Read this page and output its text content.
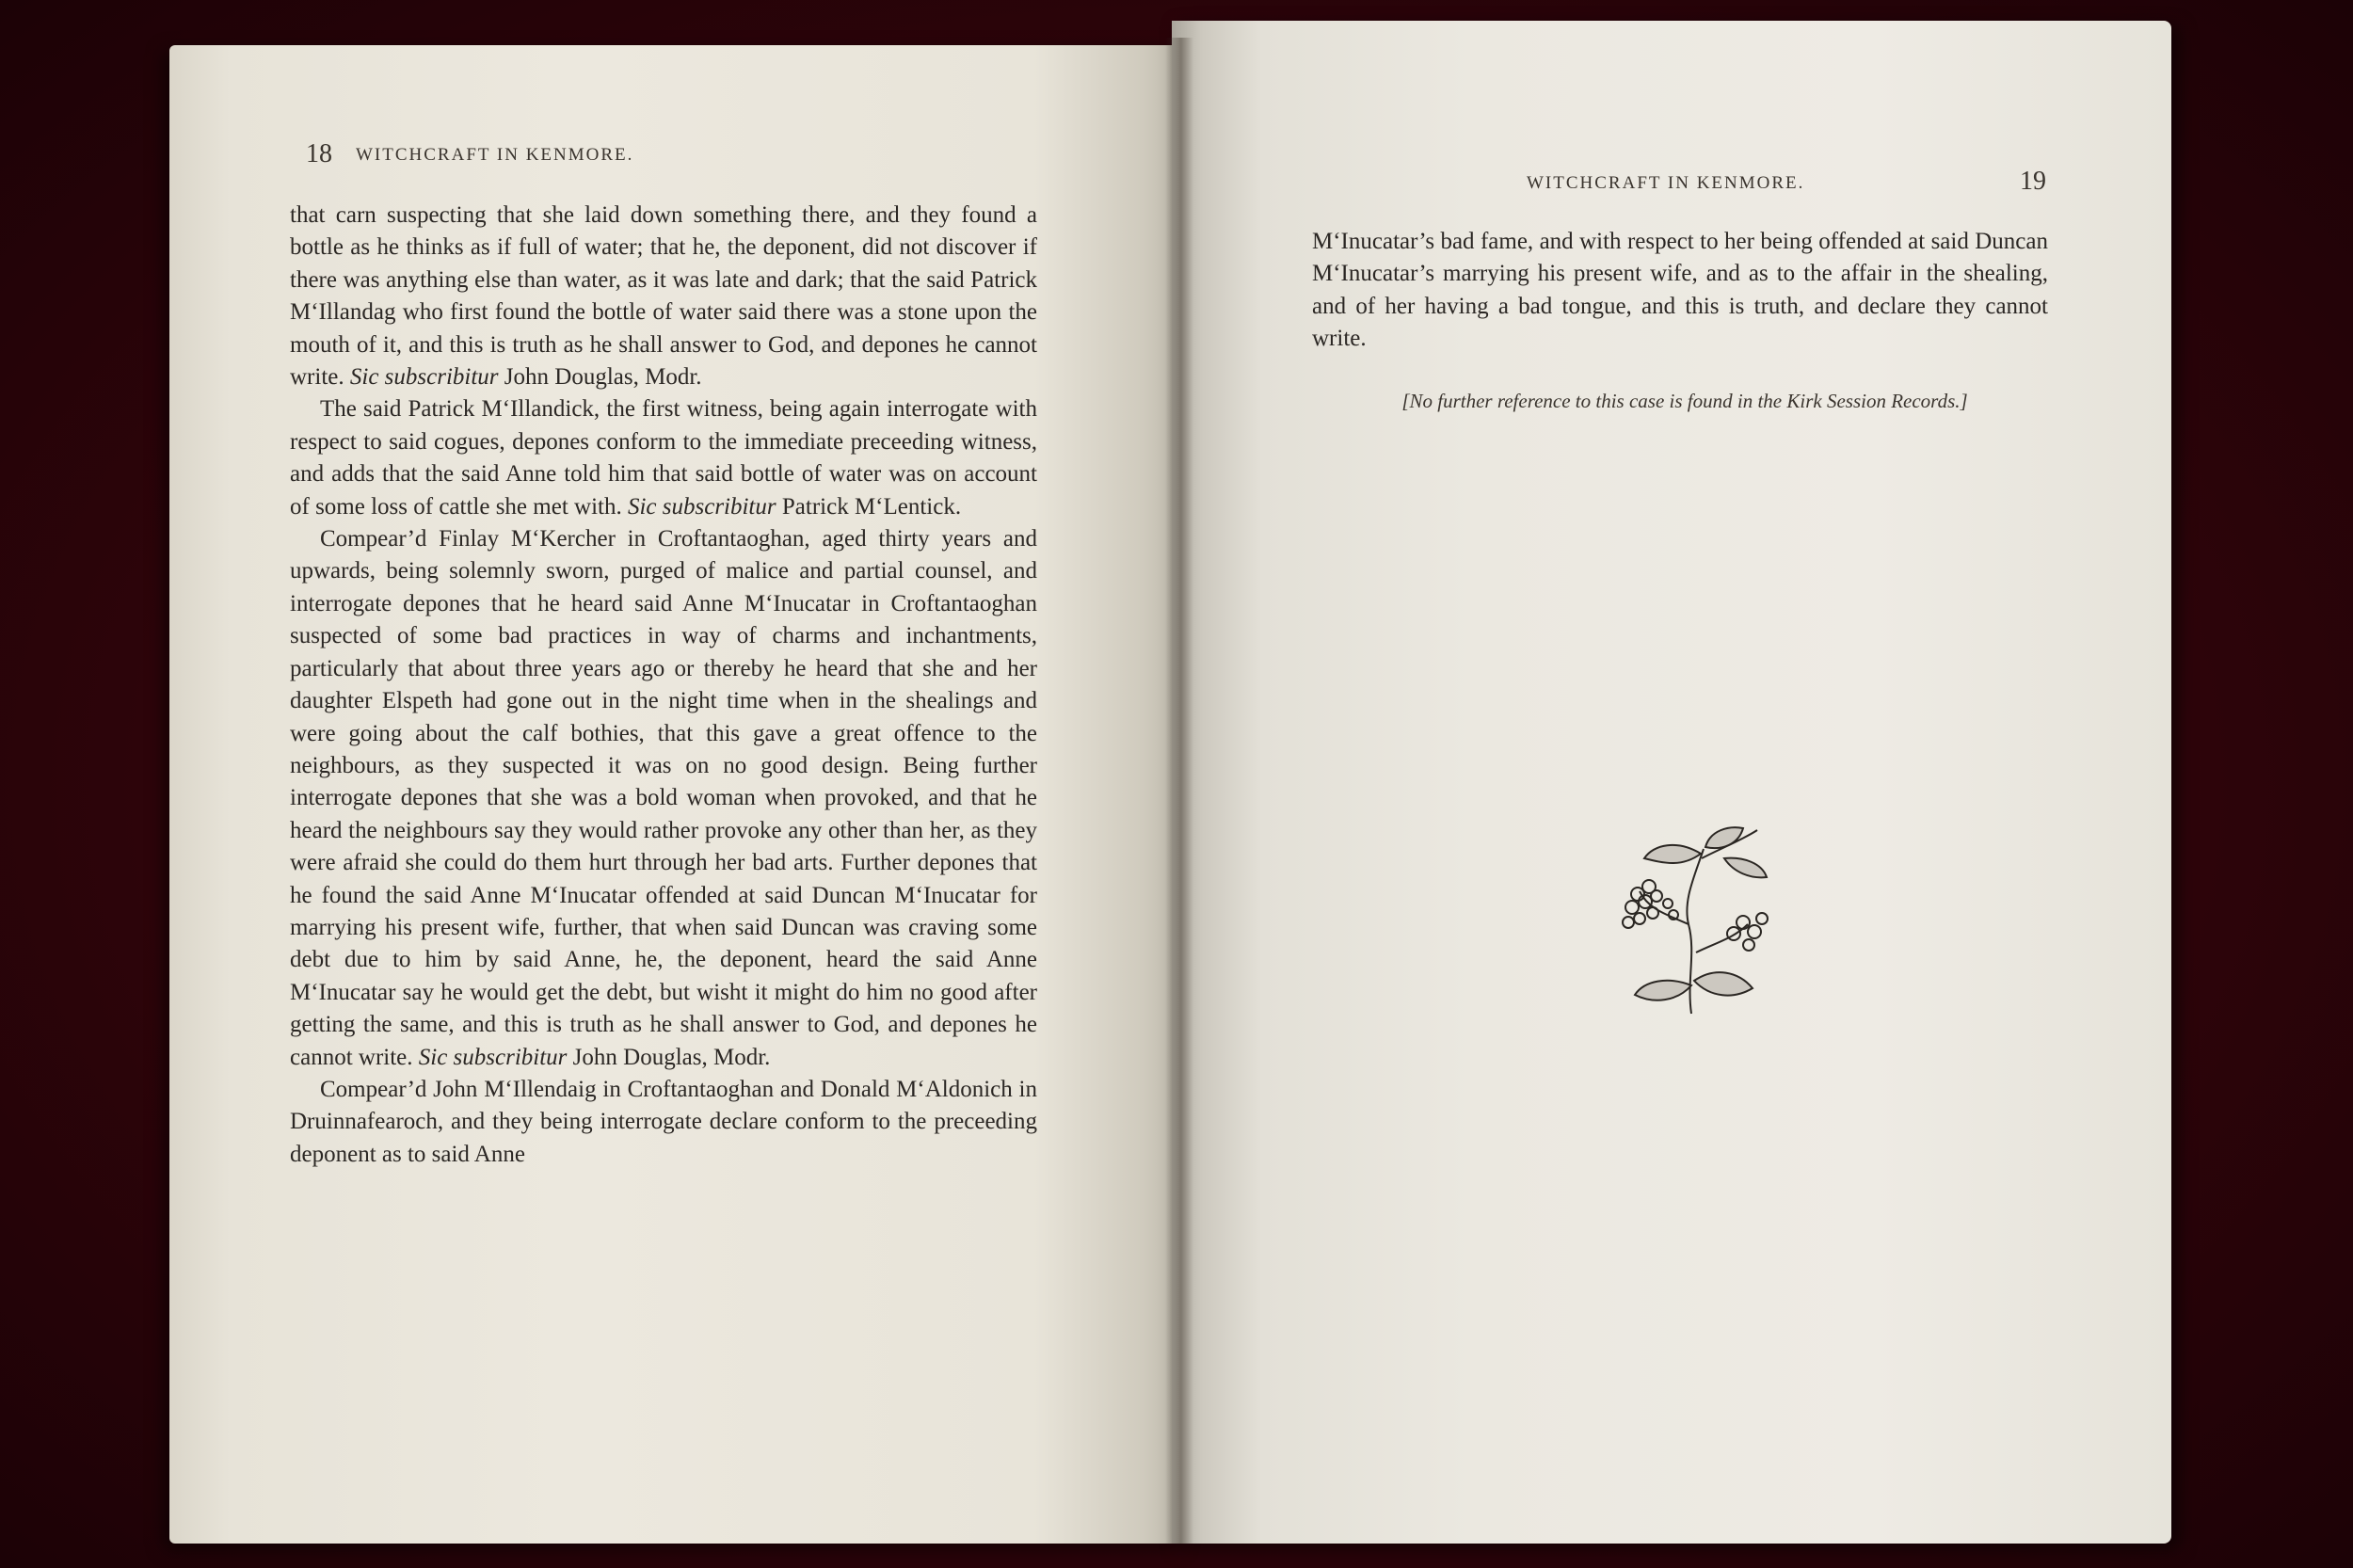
18 WITCHCRAFT IN KENMORE.
WITCHCRAFT IN KENMORE.	19

that carn suspecting that she laid down something there, and they found a bottle as he thinks as if full of water; that he, the deponent, did not discover if there was anything else than water, as it was late and dark; that the said Patrick M‘Illandag who first found the bottle of water said there was a stone upon the mouth of it, and this is truth as he shall answer to God, and depones he cannot write. Sic subscribitur John Douglas, Modr.

The said Patrick M‘Illandick, the first witness, being again interrogate with respect to said cogues, depones conform to the immediate preceeding witness, and adds that the said Anne told him that said bottle of water was on account of some loss of cattle she met with. Sic subscribitur Patrick M‘Lentick.

Compear’d Finlay M‘Kercher in Croftantaoghan, aged thirty years and upwards, being solemnly sworn, purged of malice and partial counsel, and interrogate depones that he heard said Anne M‘Inucatar in Croftantaoghan suspected of some bad practices in way of charms and inchantments, particularly that about three years ago or thereby he heard that she and her daughter Elspeth had gone out in the night time when in the shealings and were going about the calf bothies, that this gave a great offence to the neighbours, as they suspected it was on no good design. Being further interrogate depones that she was a bold woman when provoked, and that he heard the neighbours say they would rather provoke any other than her, as they were afraid she could do them hurt through her bad arts. Further depones that he found the said Anne M‘Inucatar offended at said Duncan M‘Inucatar for marrying his present wife, further, that when said Duncan was craving some debt due to him by said Anne, he, the deponent, heard the said Anne M‘Inucatar say he would get the debt, but wisht it might do him no good after getting the same, and this is truth as he shall answer to God, and depones he cannot write. Sic subscribitur John Douglas, Modr.

Compear’d John M‘Illendaig in Croftantaoghan and Donald M‘Aldonich in Druinnafearoch, and they being interrogate declare conform to the preceeding deponent as to said Anne

M‘Inucatar’s bad fame, and with respect to her being offended at said Duncan M‘Inucatar’s marrying his present wife, and as to the affair in the shealing, and of her having a bad tongue, and this is truth, and declare they cannot write.

[No further reference to this case is found in the Kirk Session Records.]
